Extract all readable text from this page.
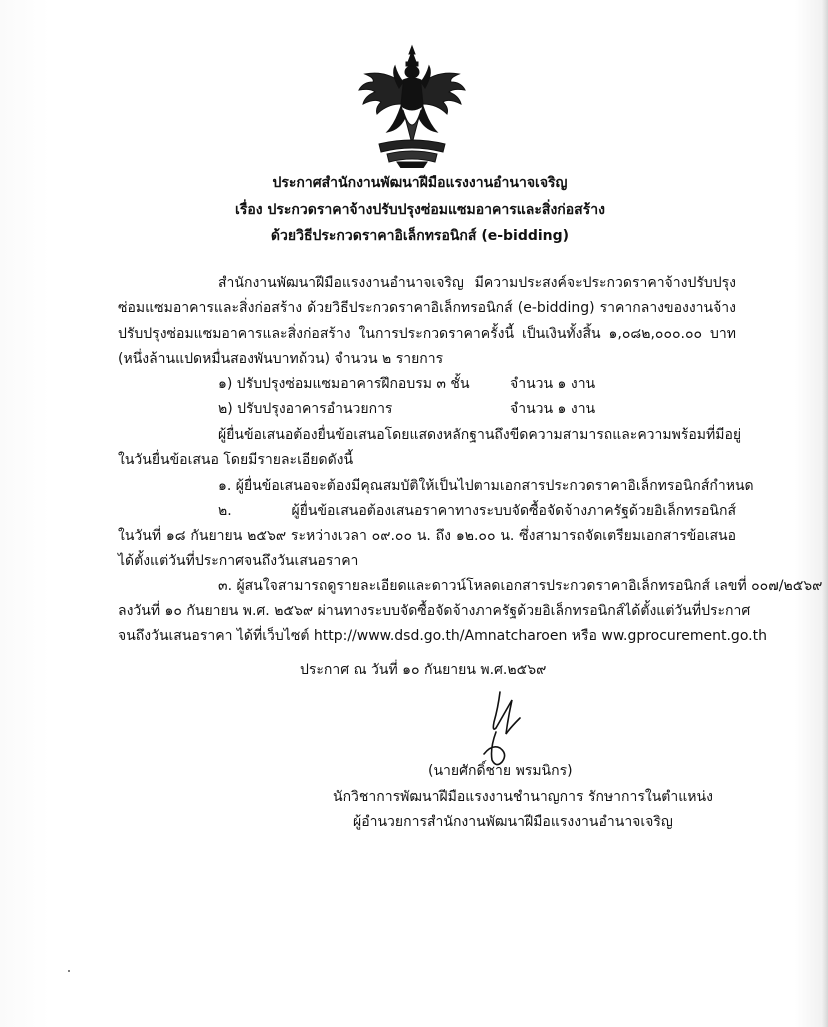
ประกาศสำนักงานพัฒนาฝีมือแรงงานอำนาจเจริญ
เรื่อง ประกวดราคาจ้างปรับปรุงซ่อมแซมอาคารและสิ่งก่อสร้าง
ด้วยวิธีประกวดราคาอิเล็กทรอนิกส์ (e-bidding)
สำนักงานพัฒนาฝีมือแรงงานอำนาจเจริญ มีความประสงค์จะประกวดราคาจ้างปรับปรุง
ซ่อมแซมอาคารและสิ่งก่อสร้าง ด้วยวิธีประกวดราคาอิเล็กทรอนิกส์ (e-bidding) ราคากลางของงานจ้าง
ปรับปรุงซ่อมแซมอาคารและสิ่งก่อสร้าง ในการประกวดราคาครั้งนี้ เป็นเงินทั้งสิ้น ๑,๐๘๒,๐๐๐.๐๐ บาท
(หนึ่งล้านแปดหมื่นสองพันบาทถ้วน) จำนวน ๒ รายการ
๑) ปรับปรุงซ่อมแซมอาคารฝึกอบรม ๓ ชั้น	จำนวน ๑ งาน
๒) ปรับปรุงอาคารอำนวยการ	จำนวน ๑ งาน
ผู้ยื่นข้อเสนอต้องยื่นข้อเสนอโดยแสดงหลักฐานถึงขีดความสามารถและความพร้อมที่มีอยู่
ในวันยื่นข้อเสนอ โดยมีรายละเอียดดังนี้
๑. ผู้ยื่นข้อเสนอจะต้องมีคุณสมบัติให้เป็นไปตามเอกสารประกวดราคาอิเล็กทรอนิกส์กำหนด
๒. ผู้ยื่นข้อเสนอต้องเสนอราคาทางระบบจัดซื้อจัดจ้างภาครัฐด้วยอิเล็กทรอนิกส์
ในวันที่ ๑๘ กันยายน ๒๕๖๙ ระหว่างเวลา ๐๙.๐๐ น. ถึง ๑๒.๐๐ น. ซึ่งสามารถจัดเตรียมเอกสารข้อเสนอ
ได้ตั้งแต่วันที่ประกาศจนถึงวันเสนอราคา
๓. ผู้สนใจสามารถดูรายละเอียดและดาวน์โหลดเอกสารประกวดราคาอิเล็กทรอนิกส์ เลขที่ ๐๐๗/๒๕๖๙
ลงวันที่ ๑๐ กันยายน พ.ศ. ๒๕๖๙ ผ่านทางระบบจัดซื้อจัดจ้างภาครัฐด้วยอิเล็กทรอนิกส์ได้ตั้งแต่วันที่ประกาศ
จนถึงวันเสนอราคา ได้ที่เว็บไซต์ http://www.dsd.go.th/Amnatcharoen หรือ ww.gprocurement.go.th
ประกาศ ณ วันที่ ๑๐ กันยายน พ.ศ.๒๕๖๙
(นายศักดิ์ชาย พรมนิกร)
นักวิชาการพัฒนาฝีมือแรงงานชำนาญการ รักษาการในตำแหน่ง
ผู้อำนวยการสำนักงานพัฒนาฝีมือแรงงานอำนาจเจริญ
